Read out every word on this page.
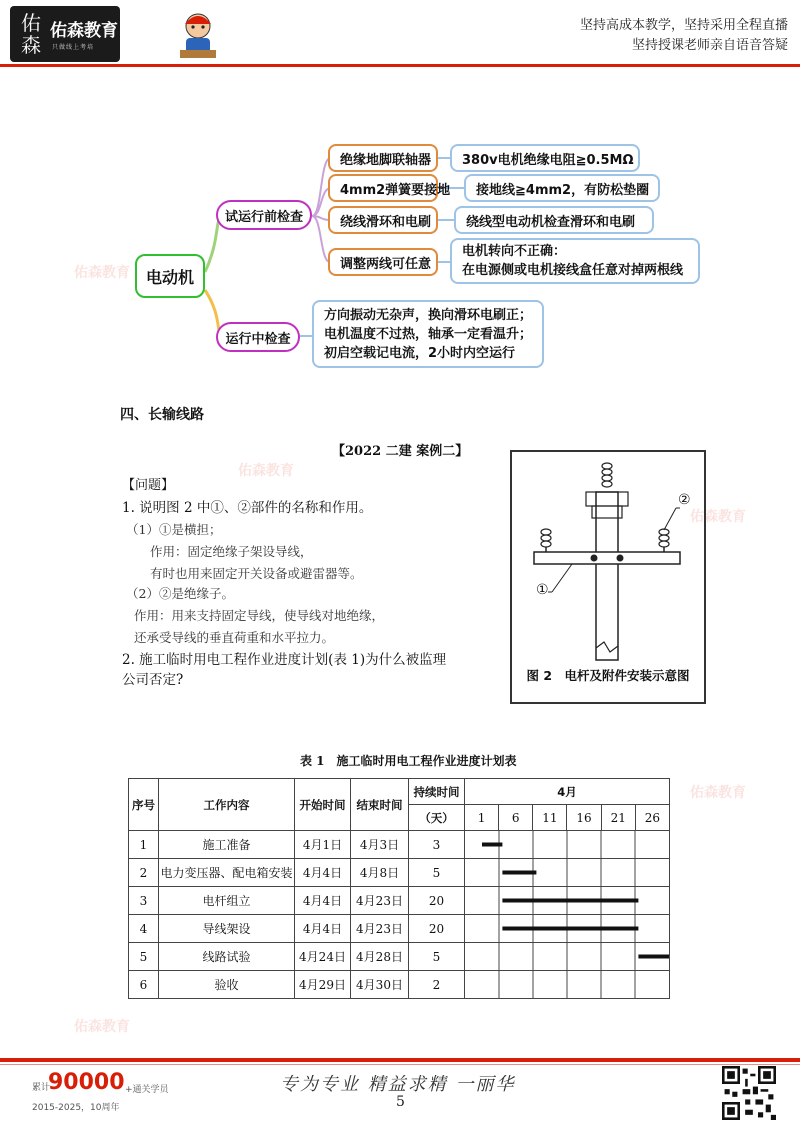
佑森
佑森教育
只做线上考培
坚持高成本教学，坚持采用全程直播
坚持授课老师亲自语音答疑
佑森教育
佑森教育
佑森教育
佑森教育
佑森教育
电动机
试运行前检查
运行中检查
绝缘地脚联轴器
4mm2弹簧要接地
绕线滑环和电刷
调整两线可任意
380v电机绝缘电阻≧0.5MΩ
接地线≧4mm2，有防松垫圈
绕线型电动机检查滑环和电刷
电机转向不正确：
在电源侧或电机接线盒任意对掉两根线
方向振动无杂声，换向滑环电刷正；
电机温度不过热，轴承一定看温升；
初启空载记电流，2小时内空运行
四、长输线路
【2022 二建 案例二】
【问题】
1. 说明图 2 中①、②部件的名称和作用。
（1）①是横担；
作用：固定绝缘子架设导线，
有时也用来固定开关设备或避雷器等。
（2）②是绝缘子。
作用：用来支持固定导线，使导线对地绝缘，
还承受导线的垂直荷重和水平拉力。
2. 施工临时用电工程作业进度计划(表 1)为什么被监理
公司否定?
②
①
图 2　电杆及附件安装示意图
表 1　施工临时用电工程作业进度计划表
序号	工作内容	开始时间	结束时间	持续时间	4月					
				（天）	1	6	11	16	21	26
1	施工准备	4月1日	4月3日	3	

2	电力变压器、配电箱安装	4月4日	4月8日	5	

3	电杆组立	4月4日	4月23日	20	

4	导线架设	4月4日	4月23日	20	

5	线路试验	4月24日	4月28日	5	

6	验收	4月29日	4月30日	2	
累计
90000 +通关学员
2015-2025，10周年
专为专业 精益求精 一丽华
5
